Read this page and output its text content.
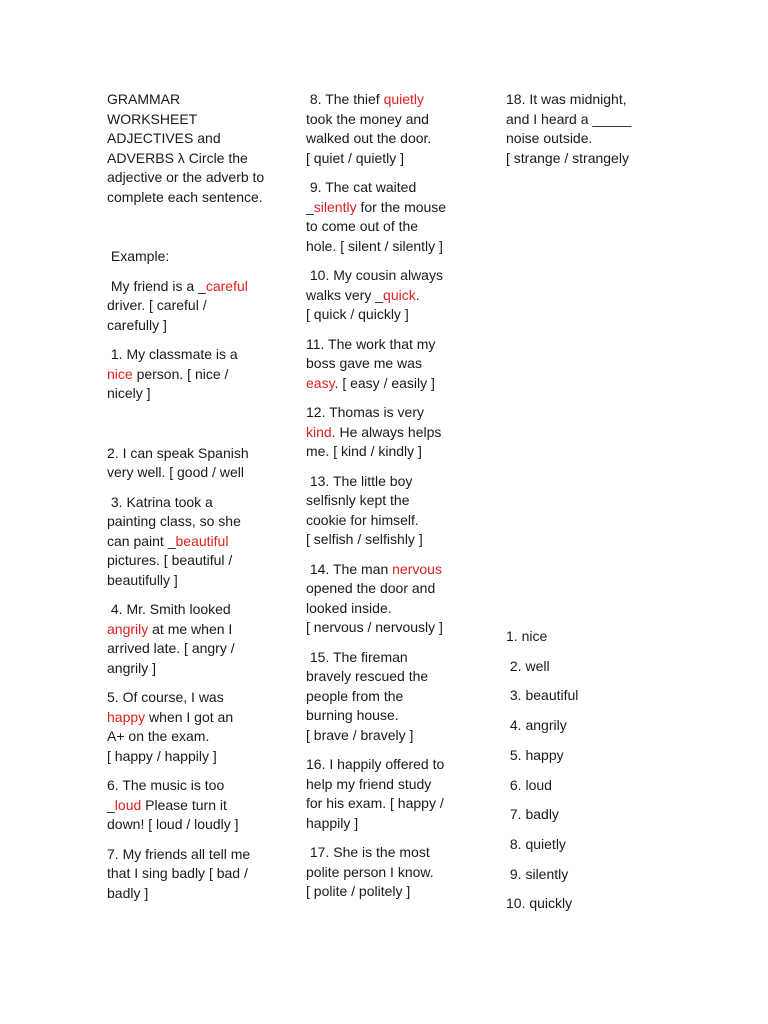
GRAMMAR
WORKSHEET
ADJECTIVES and
ADVERBS λ Circle the adjective or the adverb to complete each sentence.

Example:

My friend is a _careful
driver. [ careful /
carefully ]

1. My classmate is a
nice person. [ nice /
nicely ]

2. I can speak Spanish
very well. [ good / well

3. Katrina took a
painting class, so she
can paint _beautiful
pictures. [ beautiful /
beautifully ]

4. Mr. Smith looked
angrily at me when I
arrived late. [ angry /
angrily ]

5. Of course, I was
happy when I got an
A+ on the exam.
[ happy / happily ]

6. The music is too
_loud Please turn it
down! [ loud / loudly ]

7. My friends all tell me
that I sing badly [ bad /
badly ]

8. The thief quietly
took the money and
walked out the door.
[ quiet / quietly ]

9. The cat waited
_silently for the mouse
to come out of the
hole. [ silent / silently ]

10. My cousin always
walks very _quick.
[ quick / quickly ]

11. The work that my
boss gave me was
easy. [ easy / easily ]

12. Thomas is very
kind. He always helps
me. [ kind / kindly ]

13. The little boy
selfisnly kept the
cookie for himself.
[ selfish / selfishly ]

14. The man nervous
opened the door and
looked inside.
[ nervous / nervously ]

15. The fireman
bravely rescued the
people from the
burning house.
[ brave / bravely ]

16. I happily offered to
help my friend study
for his exam. [ happy /
happily ]

17. She is the most
polite person I know.
[ polite / politely ]

18. It was midnight,
and I heard a _____
noise outside.
[ strange / strangely

1. nice

2. well

3. beautiful

4. angrily

5. happy

6. loud

7. badly

8. quietly

9. silently

10. quickly
